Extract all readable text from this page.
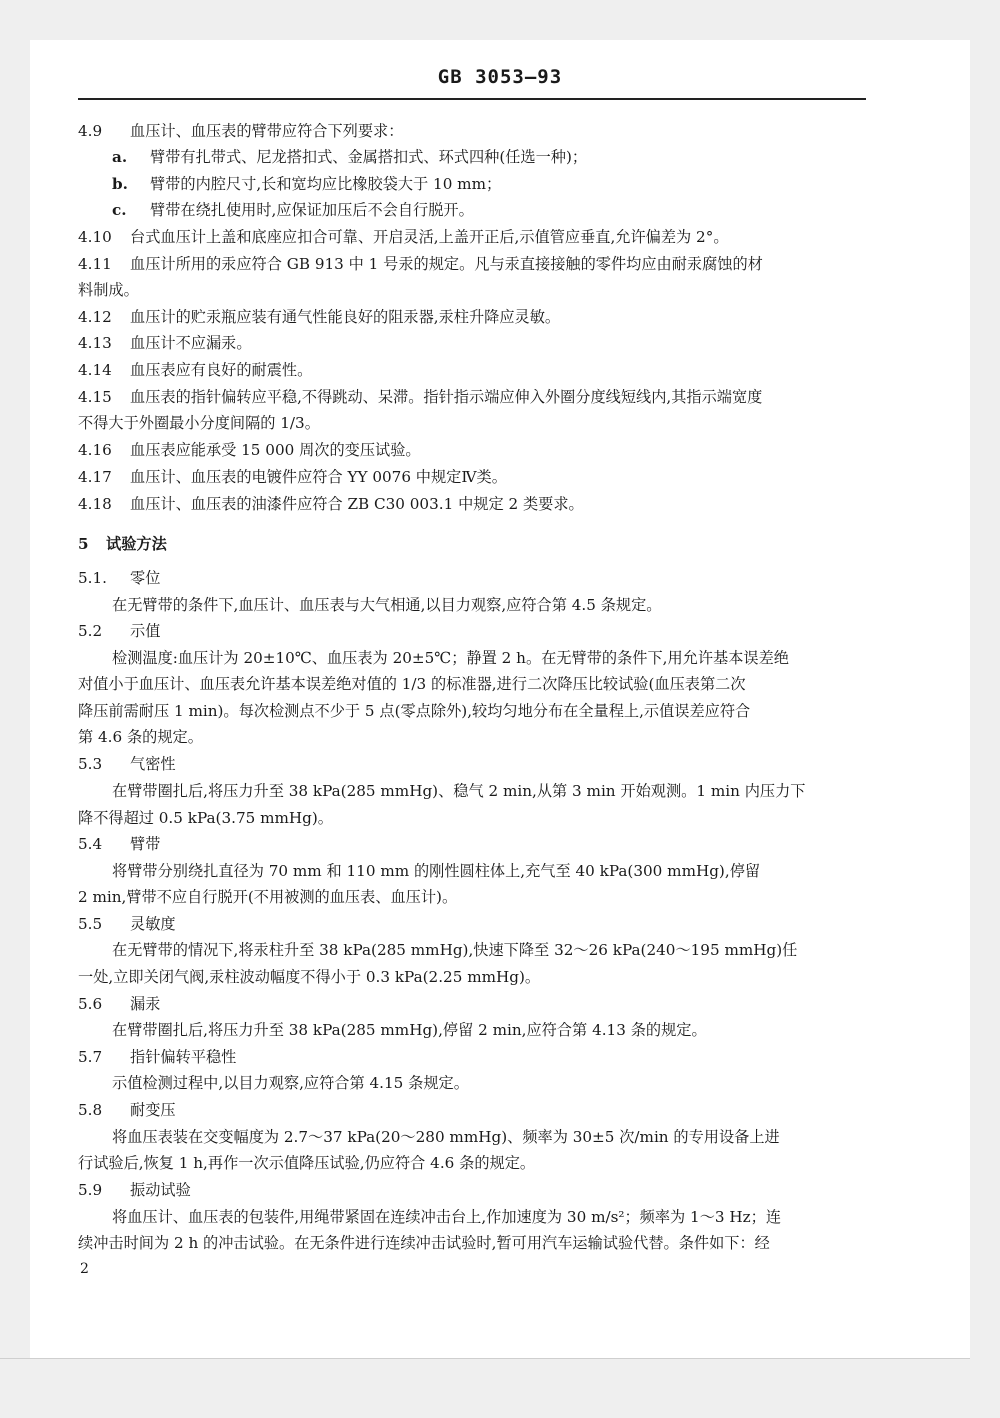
GB 3053—93
4.9 血压计、血压表的臂带应符合下列要求：
a. 臂带有扎带式、尼龙搭扣式、金属搭扣式、环式四种(任选一种)；
b. 臂带的内腔尺寸,长和宽均应比橡胶袋大于 10 mm；
c. 臂带在绕扎使用时,应保证加压后不会自行脱开。
4.10 台式血压计上盖和底座应扣合可靠、开启灵活,上盖开正后,示值管应垂直,允许偏差为 2°。
4.11 血压计所用的汞应符合 GB 913 中 1 号汞的规定。凡与汞直接接触的零件均应由耐汞腐蚀的材
料制成。
4.12 血压计的贮汞瓶应装有通气性能良好的阻汞器,汞柱升降应灵敏。
4.13 血压计不应漏汞。
4.14 血压表应有良好的耐震性。
4.15 血压表的指针偏转应平稳,不得跳动、呆滞。指针指示端应伸入外圈分度线短线内,其指示端宽度
不得大于外圈最小分度间隔的 1/3。
4.16 血压表应能承受 15 000 周次的变压试验。
4.17 血压计、血压表的电镀件应符合 YY 0076 中规定Ⅳ类。
4.18 血压计、血压表的油漆件应符合 ZB C30 003.1 中规定 2 类要求。
5 试验方法
5.1. 零位
在无臂带的条件下,血压计、血压表与大气相通,以目力观察,应符合第 4.5 条规定。
5.2 示值
检测温度:血压计为 20±10℃、血压表为 20±5℃；静置 2 h。在无臂带的条件下,用允许基本误差绝
对值小于血压计、血压表允许基本误差绝对值的 1/3 的标准器,进行二次降压比较试验(血压表第二次
降压前需耐压 1 min)。每次检测点不少于 5 点(零点除外),较均匀地分布在全量程上,示值误差应符合
第 4.6 条的规定。
5.3 气密性
在臂带圈扎后,将压力升至 38 kPa(285 mmHg)、稳气 2 min,从第 3 min 开始观测。1 min 内压力下
降不得超过 0.5 kPa(3.75 mmHg)。
5.4 臂带
将臂带分别绕扎直径为 70 mm 和 110 mm 的刚性圆柱体上,充气至 40 kPa(300 mmHg),停留
2 min,臂带不应自行脱开(不用被测的血压表、血压计)。
5.5 灵敏度
在无臂带的情况下,将汞柱升至 38 kPa(285 mmHg),快速下降至 32～26 kPa(240～195 mmHg)任
一处,立即关闭气阀,汞柱波动幅度不得小于 0.3 kPa(2.25 mmHg)。
5.6 漏汞
在臂带圈扎后,将压力升至 38 kPa(285 mmHg),停留 2 min,应符合第 4.13 条的规定。
5.7 指针偏转平稳性
示值检测过程中,以目力观察,应符合第 4.15 条规定。
5.8 耐变压
将血压表装在交变幅度为 2.7～37 kPa(20～280 mmHg)、频率为 30±5 次/min 的专用设备上进
行试验后,恢复 1 h,再作一次示值降压试验,仍应符合 4.6 条的规定。
5.9 振动试验
将血压计、血压表的包装件,用绳带紧固在连续冲击台上,作加速度为 30 m/s²；频率为 1～3 Hz；连
续冲击时间为 2 h 的冲击试验。在无条件进行连续冲击试验时,暂可用汽车运输试验代替。条件如下：经
2
